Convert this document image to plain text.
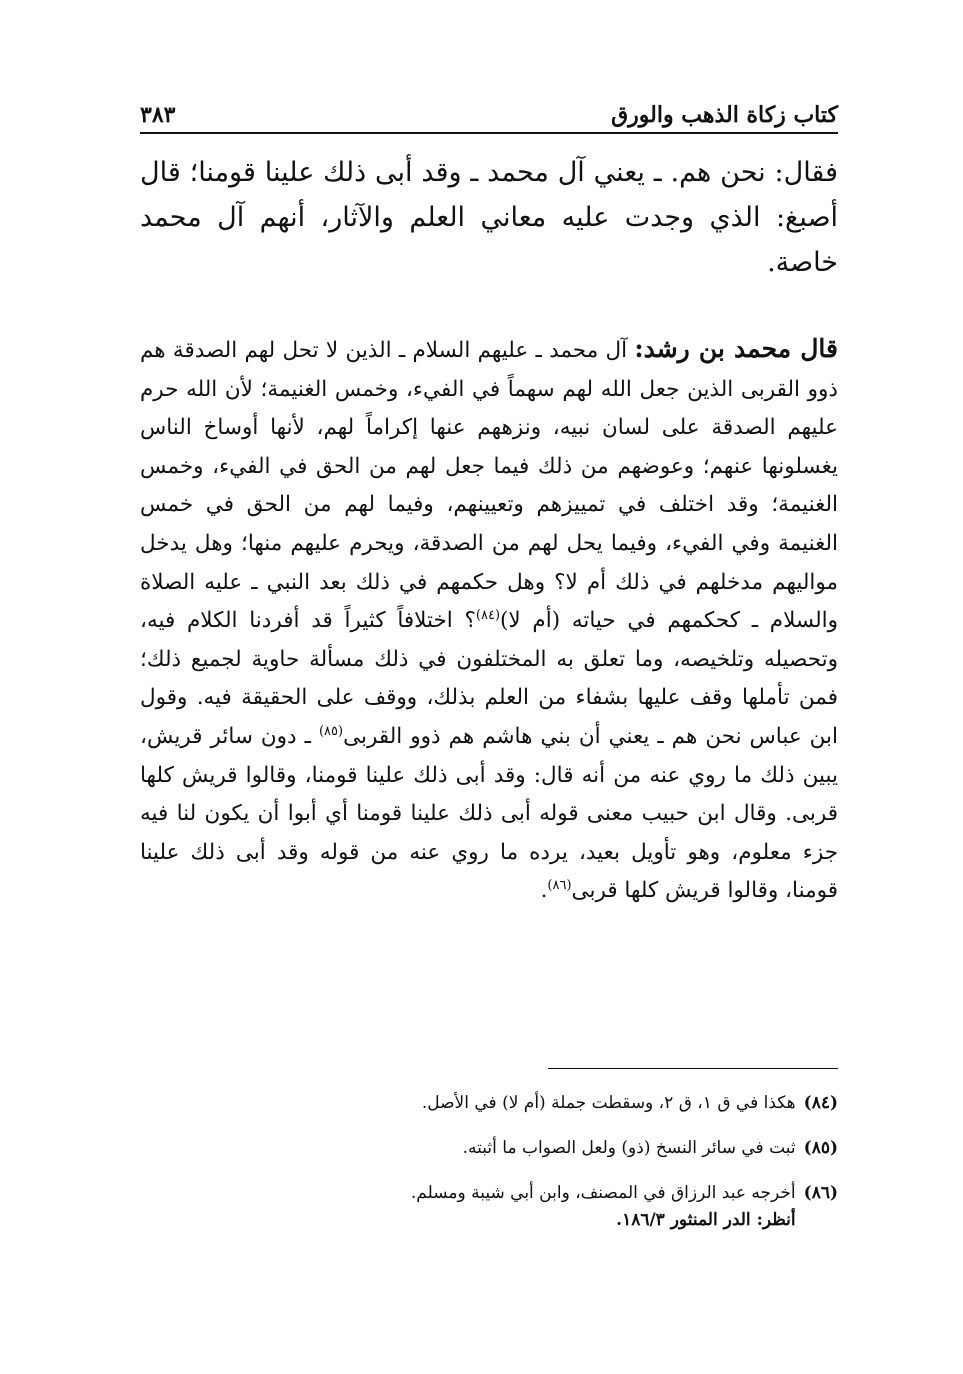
كتاب زكاة الذهب والورق
٣٨٣

فقال: نحن هم. ـ يعني آل محمد ـ وقد أبى ذلك علينا قومنا؛ قال أصبغ: الذي وجدت عليه معاني العلم والآثار، أنهم آل محمد خاصة.

قال محمد بن رشد: آل محمد ـ عليهم السلام ـ الذين لا تحل لهم الصدقة هم ذوو القربى الذين جعل الله لهم سهماً في الفيء، وخمس الغنيمة؛ لأن الله حرم عليهم الصدقة على لسان نبيه، ونزههم عنها إكراماً لهم، لأنها أوساخ الناس يغسلونها عنهم؛ وعوضهم من ذلك فيما جعل لهم من الحق في الفيء، وخمس الغنيمة؛ وقد اختلف في تمييزهم وتعيينهم، وفيما لهم من الحق في خمس الغنيمة وفي الفيء، وفيما يحل لهم من الصدقة، ويحرم عليهم منها؛ وهل يدخل مواليهم مدخلهم في ذلك أم لا؟ وهل حكمهم في ذلك بعد النبي ـ عليه الصلاة والسلام ـ كحكمهم في حياته (أم لا)$^{(٨٤)}$؟ اختلافاً كثيراً قد أفردنا الكلام فيه، وتحصيله وتلخيصه، وما تعلق به المختلفون في ذلك مسألة حاوية لجميع ذلك؛ فمن تأملها وقف عليها بشفاء من العلم بذلك، ووقف على الحقيقة فيه. وقول ابن عباس نحن هم ـ يعني أن بني هاشم هم ذوو القربى$^{(٨٥)}$ ـ دون سائر قريش، يبين ذلك ما روي عنه من أنه قال: وقد أبى ذلك علينا قومنا، وقالوا قريش كلها قربى. وقال ابن حبيب معنى قوله أبى ذلك علينا قومنا أي أبوا أن يكون لنا فيه جزء معلوم، وهو تأويل بعيد، يرده ما روي عنه من قوله وقد أبى ذلك علينا قومنا، وقالوا قريش كلها قربى$^{(٨٦)}$.

(٨٤)
هكذا في ق ١، ق ٢، وسقطت جملة (أم لا) في الأصل.
(٨٥)
ثبت في سائر النسخ (ذو) ولعل الصواب ما أثبته.
(٨٦)
أخرجه عبد الرزاق في المصنف، وابن أبي شيبة ومسلم.
أنظر: الدر المنثور ١٨٦/٣.
